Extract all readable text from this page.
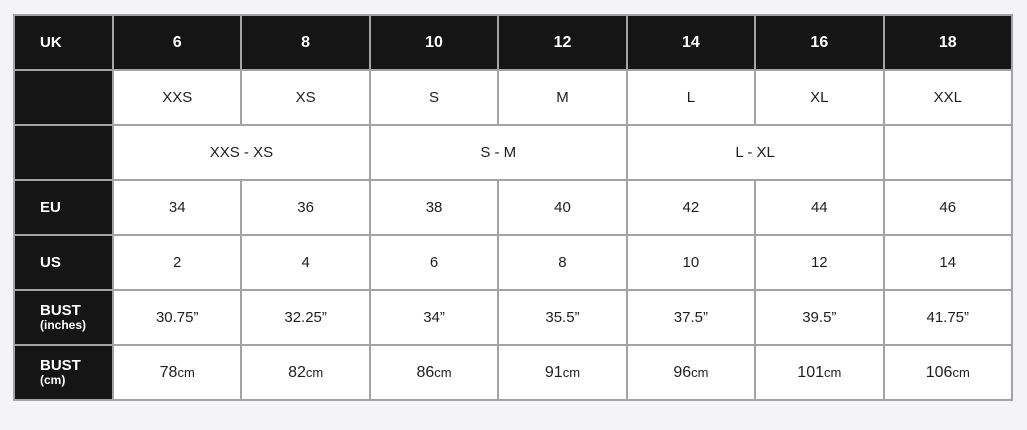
UK	6	8	10	12	14	16	18
	XXS	XS	S	M	L	XL	XXL
	XXS - XS		S - M		L - XL		
EU	34	36	38	40	42	44	46
US	2	4	6	8	10	12	14
BUST
(inches)	30.75”	32.25”	34”	35.5”	37.5”	39.5”	41.75”
BUST
(cm)	78cm	82cm	86cm	91cm	96cm	101cm	106cm
